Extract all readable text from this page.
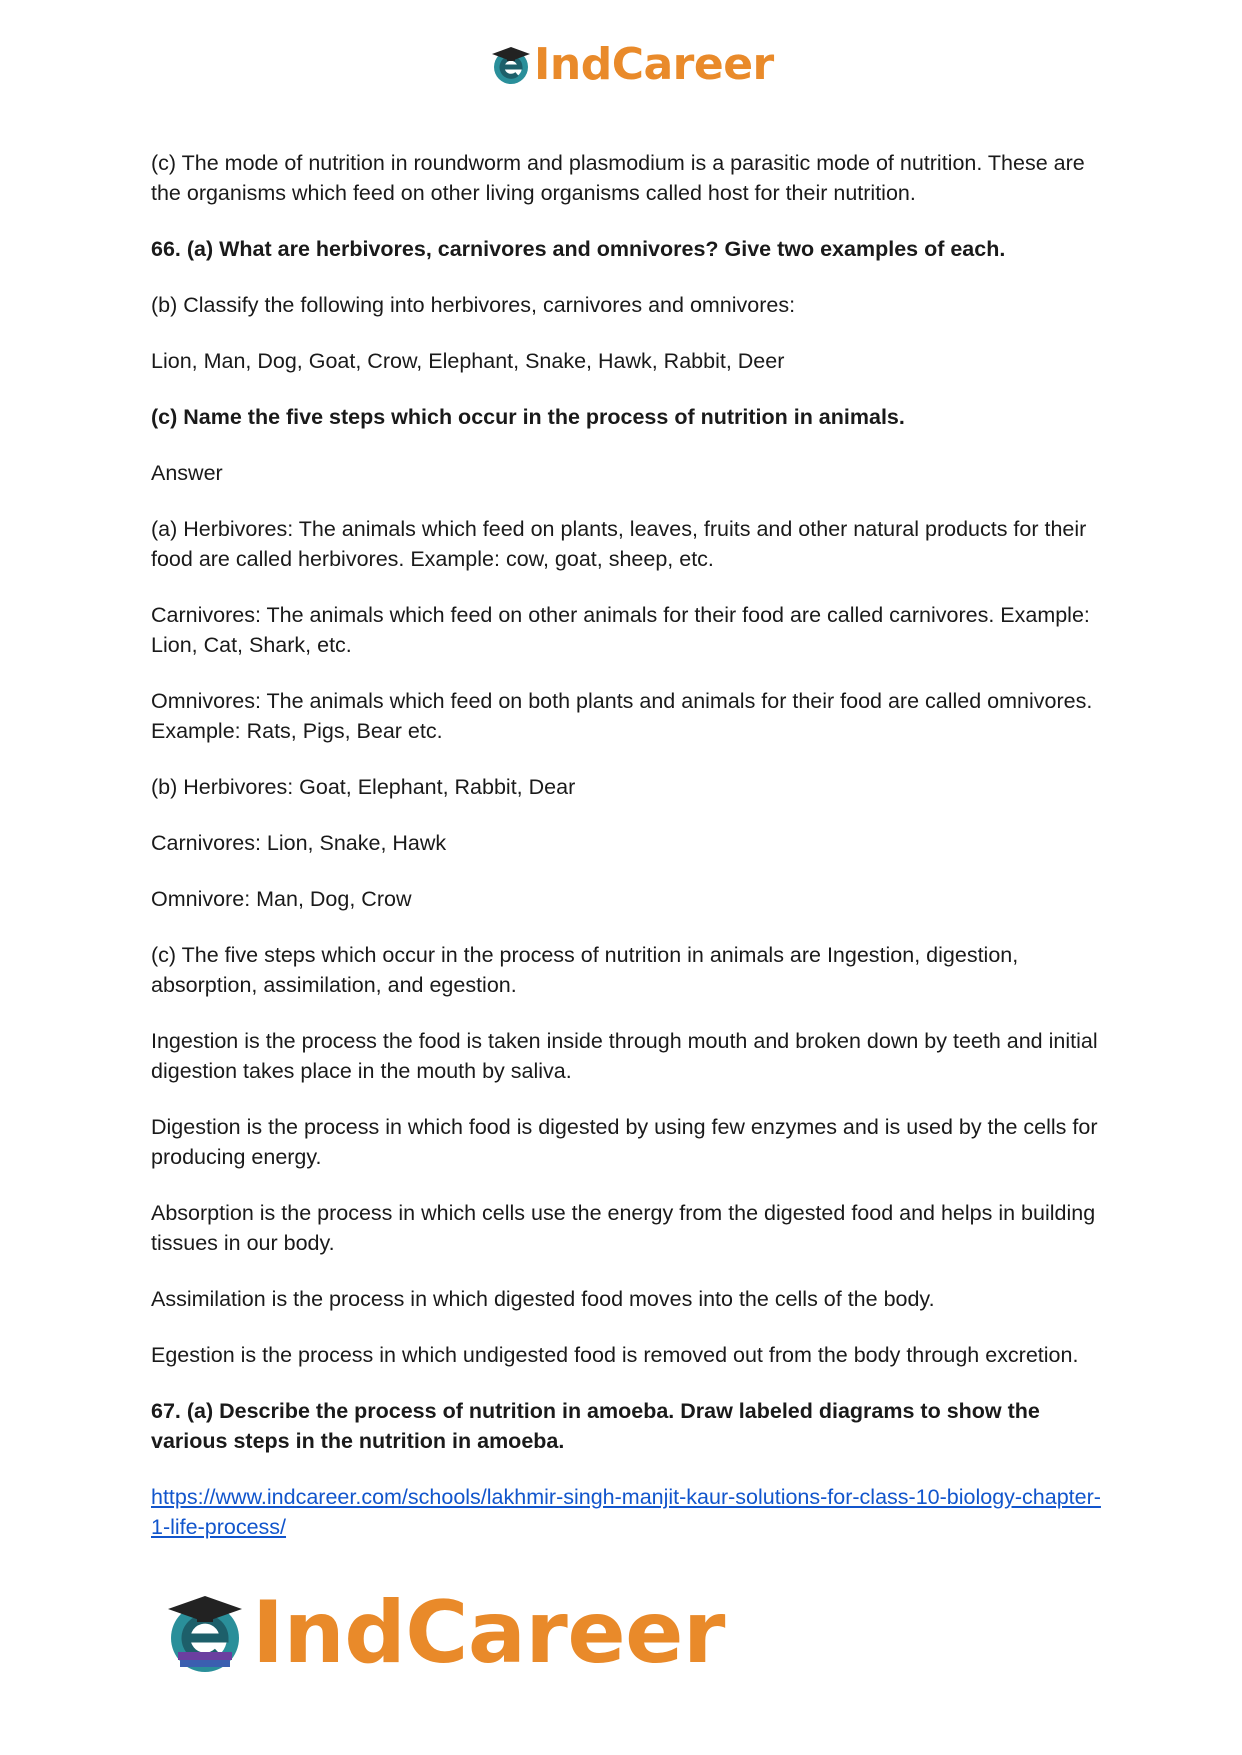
IndCareer

(c) The mode of nutrition in roundworm and plasmodium is a parasitic mode of nutrition. These are the organisms which feed on other living organisms called host for their nutrition.

66. (a) What are herbivores, carnivores and omnivores? Give two examples of each.

(b) Classify the following into herbivores, carnivores and omnivores:

Lion, Man, Dog, Goat, Crow, Elephant, Snake, Hawk, Rabbit, Deer

(c) Name the five steps which occur in the process of nutrition in animals.

Answer

(a) Herbivores: The animals which feed on plants, leaves, fruits and other natural products for their food are called herbivores. Example: cow, goat, sheep, etc.

Carnivores: The animals which feed on other animals for their food are called carnivores. Example: Lion, Cat, Shark, etc.

Omnivores: The animals which feed on both plants and animals for their food are called omnivores. Example: Rats, Pigs, Bear etc.

(b) Herbivores: Goat, Elephant, Rabbit, Dear

Carnivores: Lion, Snake, Hawk

Omnivore: Man, Dog, Crow

(c) The five steps which occur in the process of nutrition in animals are Ingestion, digestion, absorption, assimilation, and egestion.

Ingestion is the process the food is taken inside through mouth and broken down by teeth and initial digestion takes place in the mouth by saliva.

Digestion is the process in which food is digested by using few enzymes and is used by the cells for producing energy.

Absorption is the process in which cells use the energy from the digested food and helps in building tissues in our body.

Assimilation is the process in which digested food moves into the cells of the body.

Egestion is the process in which undigested food is removed out from the body through excretion.

67. (a) Describe the process of nutrition in amoeba. Draw labeled diagrams to show the various steps in the nutrition in amoeba.

https://www.indcareer.com/schools/lakhmir-singh-manjit-kaur-solutions-for-class-10-biology-chapter-1-life-process/

IndCareer
